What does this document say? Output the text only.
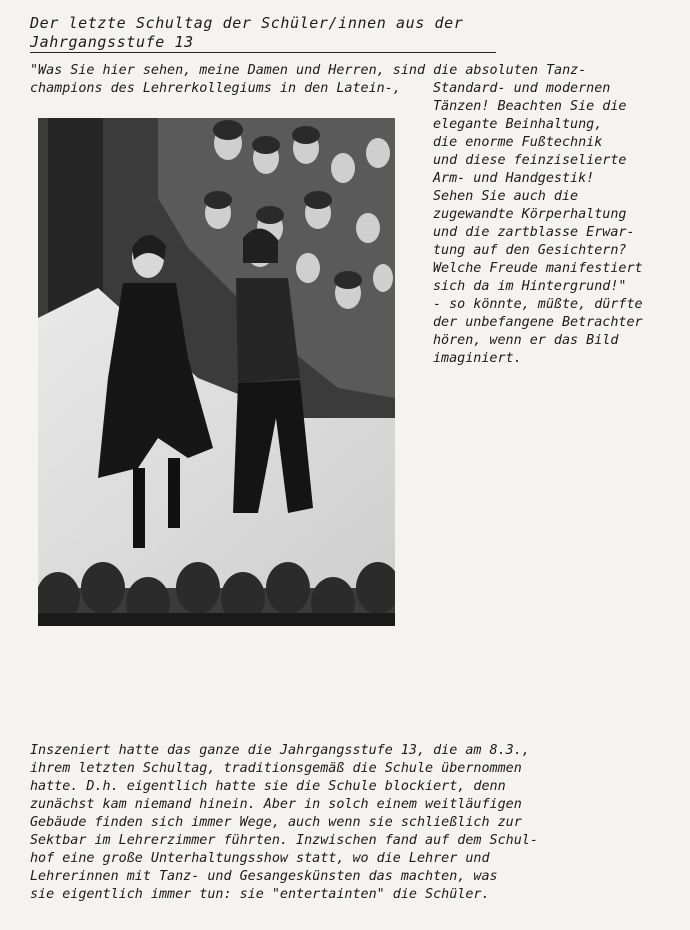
Der letzte Schultag der Schüler/innen aus der
Jahrgangsstufe 13
"Was Sie hier sehen, meine Damen und Herren, sind die absoluten Tanz-
champions des Lehrerkollegiums in den Latein-,	Standard- und modernen
Tänzen! Beachten Sie die
elegante Beinhaltung,
die enorme Fußtechnik
und diese feinziselierte
Arm- und Handgestik!
Sehen Sie auch die
zugewandte Körperhaltung
und die zartblasse Erwar-
tung auf den Gesichtern?
Welche Freude manifestiert
sich da im Hintergrund!"
- so könnte, müßte, dürfte
der unbefangene Betrachter
hören, wenn er das Bild
imaginiert.
Inszeniert hatte das ganze die Jahrgangsstufe 13, die am 8.3.,
ihrem letzten Schultag, traditionsgemäß die Schule übernommen
hatte. D.h. eigentlich hatte sie die Schule blockiert, denn
zunächst kam niemand hinein. Aber in solch einem weitläufigen
Gebäude finden sich immer Wege, auch wenn sie schließlich zur
Sektbar im Lehrerzimmer führten. Inzwischen fand auf dem Schul-
hof eine große Unterhaltungsshow statt, wo die Lehrer und
Lehrerinnen mit Tanz- und Gesangeskünsten das machten, was
sie eigentlich immer tun: sie "entertainten" die Schüler.
